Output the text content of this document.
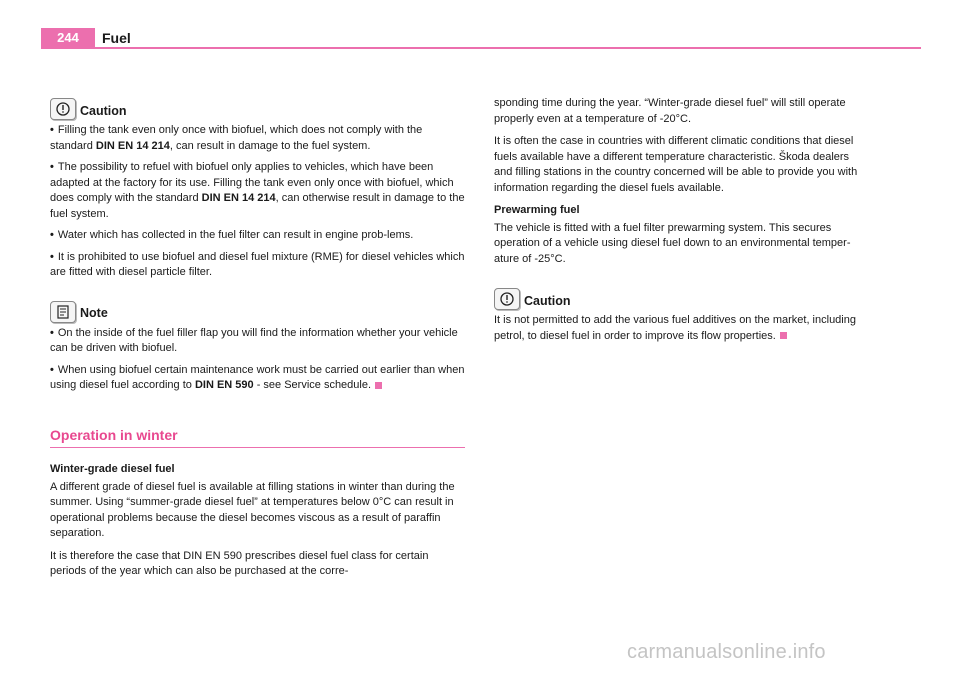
244	Fuel
Caution
• Filling the tank even only once with biofuel, which does not comply with the standard DIN EN 14 214, can result in damage to the fuel system.
• The possibility to refuel with biofuel only applies to vehicles, which have been adapted at the factory for its use. Filling the tank even only once with biofuel, which does comply with the standard DIN EN 14 214, can otherwise result in damage to the fuel system.
• Water which has collected in the fuel filter can result in engine prob-lems.
• It is prohibited to use biofuel and diesel fuel mixture (RME) for diesel vehicles which are fitted with diesel particle filter.
Note
• On the inside of the fuel filler flap you will find the information whether your vehicle can be driven with biofuel.
• When using biofuel certain maintenance work must be carried out earlier than when using diesel fuel according to DIN EN 590 - see Service schedule.
Operation in winter
Winter-grade diesel fuel

A different grade of diesel fuel is available at filling stations in winter than during the summer. Using “summer-grade diesel fuel” at temperatures below 0°C can result in operational problems because the diesel becomes viscous as a result of paraffin separation.

It is therefore the case that DIN EN 590 prescribes diesel fuel class for certain periods of the year which can also be purchased at the corre-

sponding time during the year. “Winter-grade diesel fuel” will still operate properly even at a temperature of -20°C.

It is often the case in countries with different climatic conditions that diesel fuels available have a different temperature characteristic. Škoda dealers and filling stations in the country concerned will be able to provide you with information regarding the diesel fuels available.

Prewarming fuel

The vehicle is fitted with a fuel filter prewarming system. This secures operation of a vehicle using diesel fuel down to an environmental temper-ature of -25°C.

Caution

It is not permitted to add the various fuel additives on the market, including petrol, to diesel fuel in order to improve its flow properties.

carmanualsonline.info
